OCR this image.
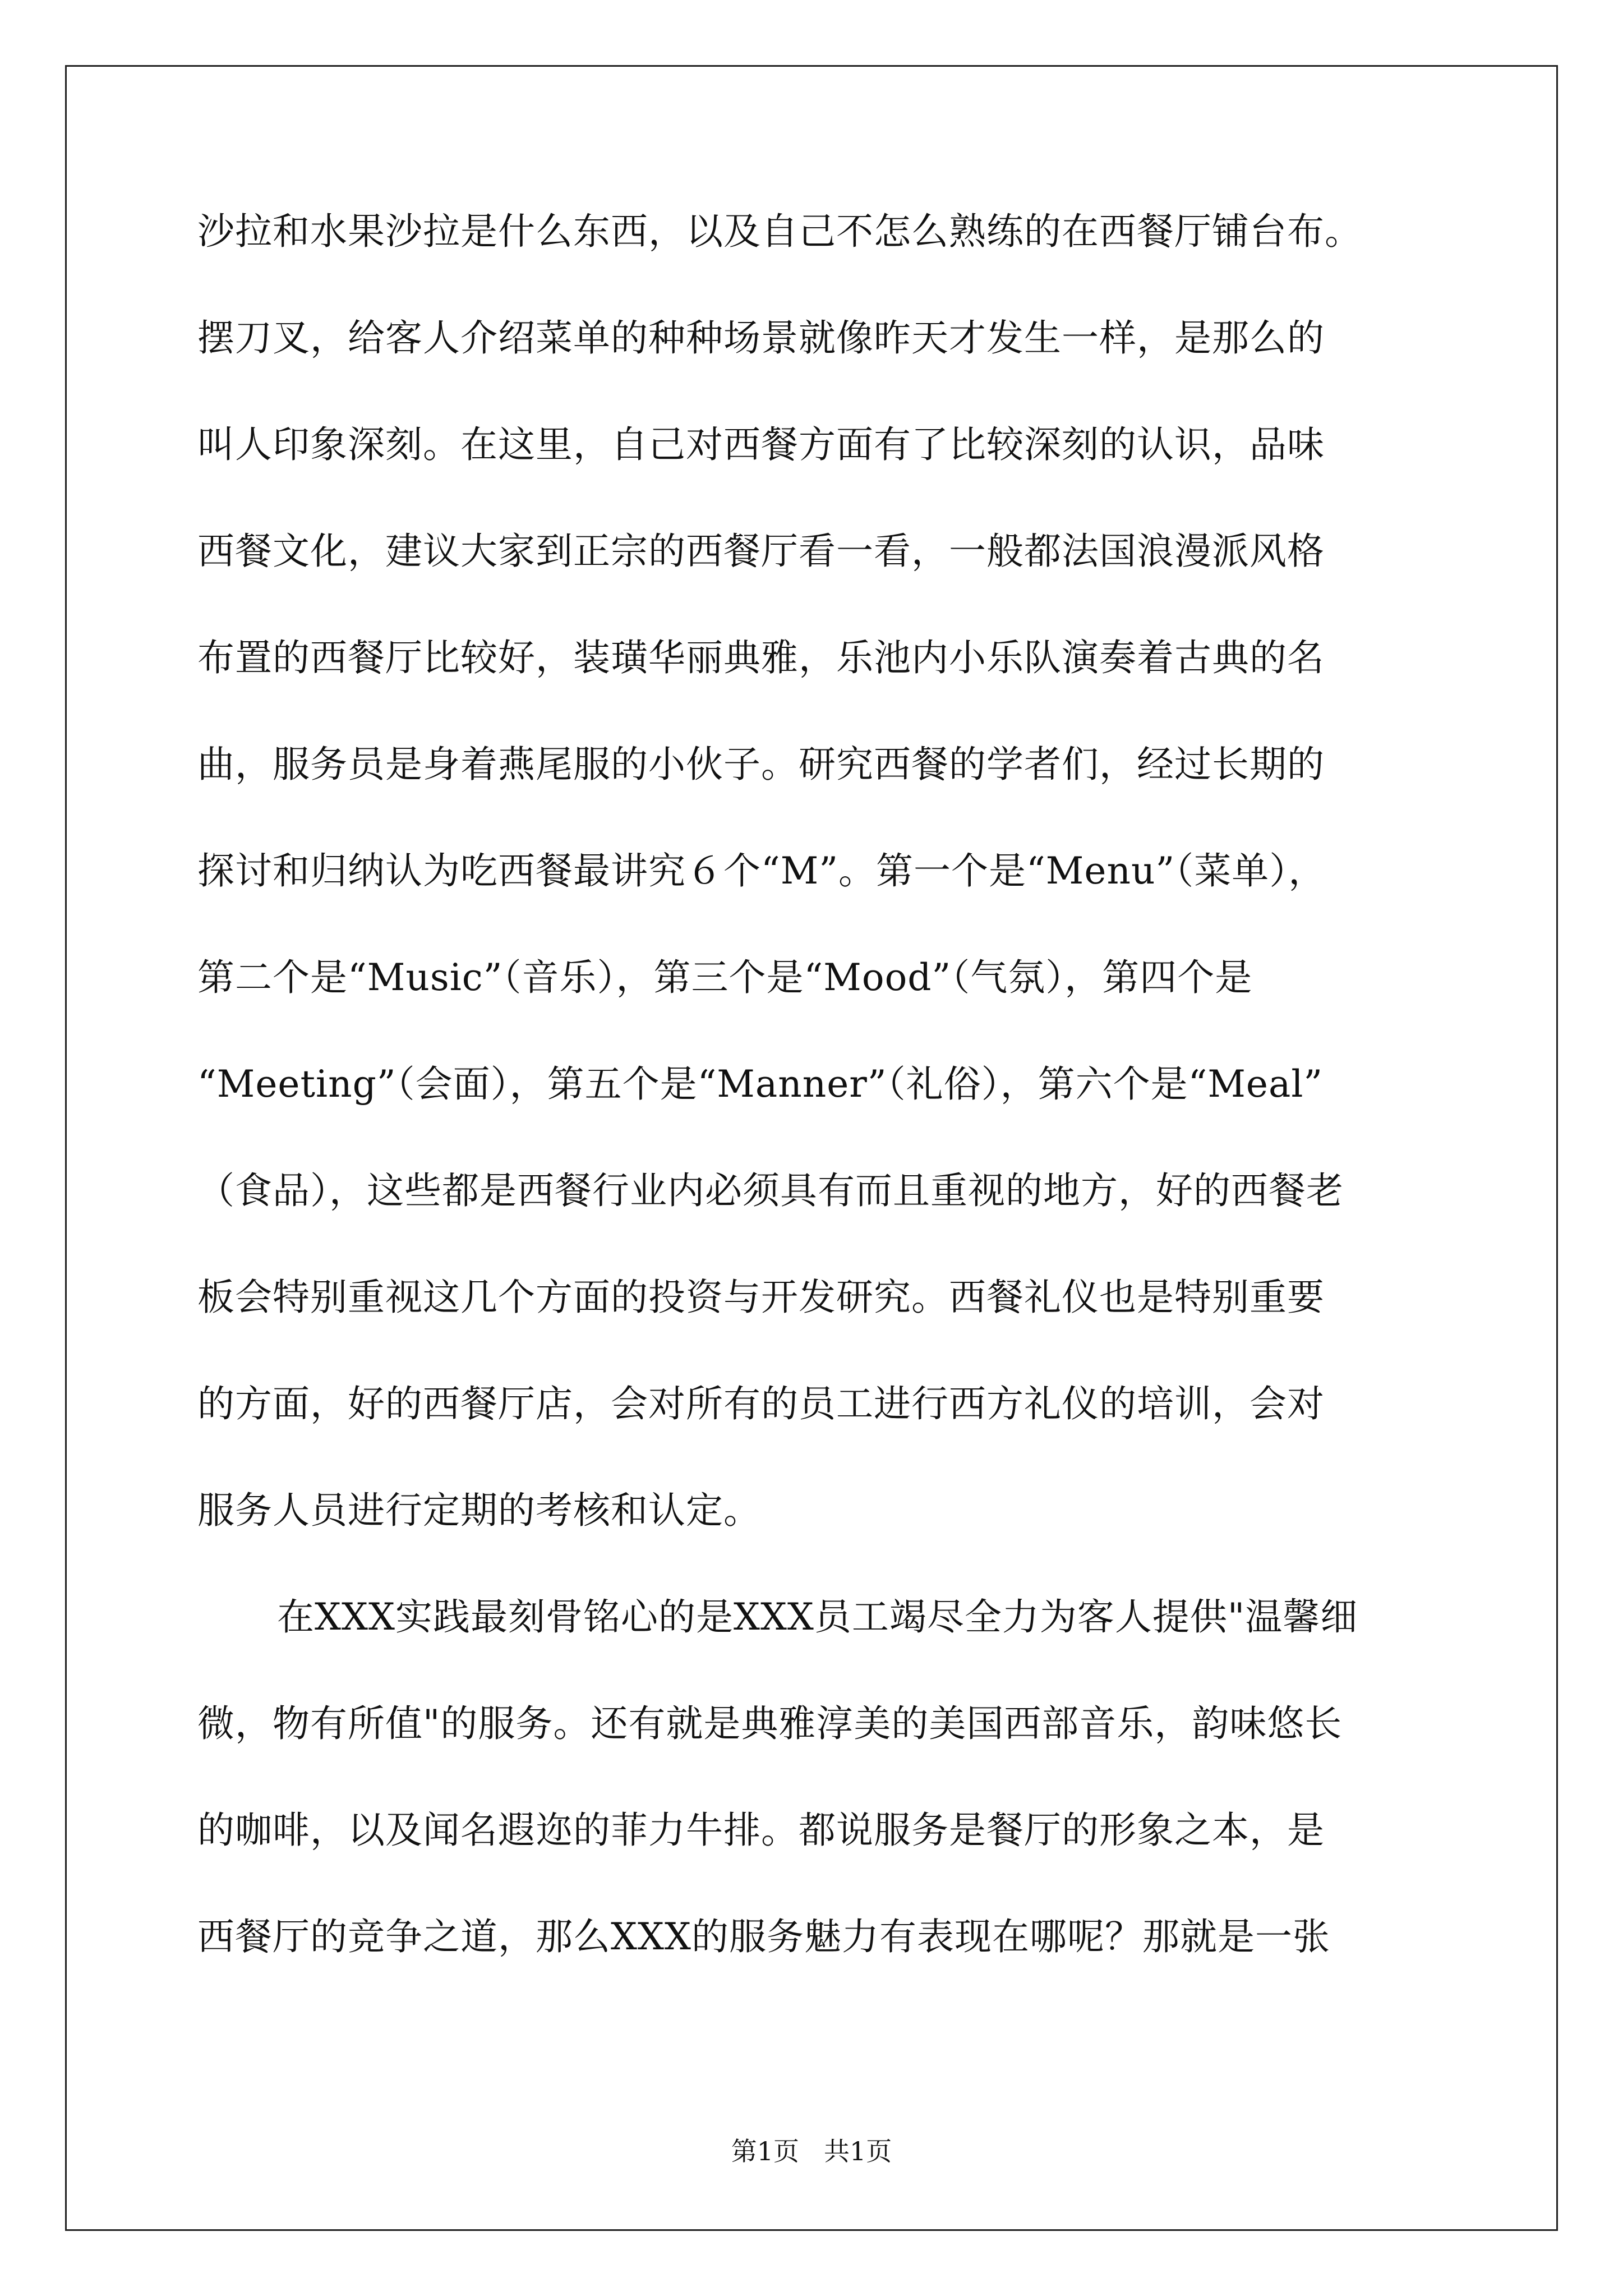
沙拉和水果沙拉是什么东西，以及自己不怎么熟练的在西餐厅铺台布。
摆刀叉，给客人介绍菜单的种种场景就像昨天才发生一样，是那么的
叫人印象深刻。在这里，自己对西餐方面有了比较深刻的认识，品味
西餐文化，建议大家到正宗的西餐厅看一看，一般都法国浪漫派风格
布置的西餐厅比较好，装璜华丽典雅，乐池内小乐队演奏着古典的名
曲，服务员是身着燕尾服的小伙子。研究西餐的学者们，经过长期的
探讨和归纳认为吃西餐最讲究６个“M”。第一个是“Menu”（菜单），
第二个是“Music”（音乐），第三个是“Mood”（气氛），第四个是
“Meeting”（会面），第五个是“Manner”（礼俗），第六个是“Meal”
（食品），这些都是西餐行业内必须具有而且重视的地方，好的西餐老
板会特别重视这几个方面的投资与开发研究。西餐礼仪也是特别重要
的方面，好的西餐厅店，会对所有的员工进行西方礼仪的培训，会对
服务人员进行定期的考核和认定。
在XXX实践最刻骨铭心的是XXX员工竭尽全力为客人提供"温馨细
微，物有所值"的服务。还有就是典雅淳美的美国西部音乐，韵味悠长
的咖啡，以及闻名遐迩的菲力牛排。都说服务是餐厅的形象之本，是
西餐厅的竞争之道，那么XXX的服务魅力有表现在哪呢？那就是一张
第1页 共1页
